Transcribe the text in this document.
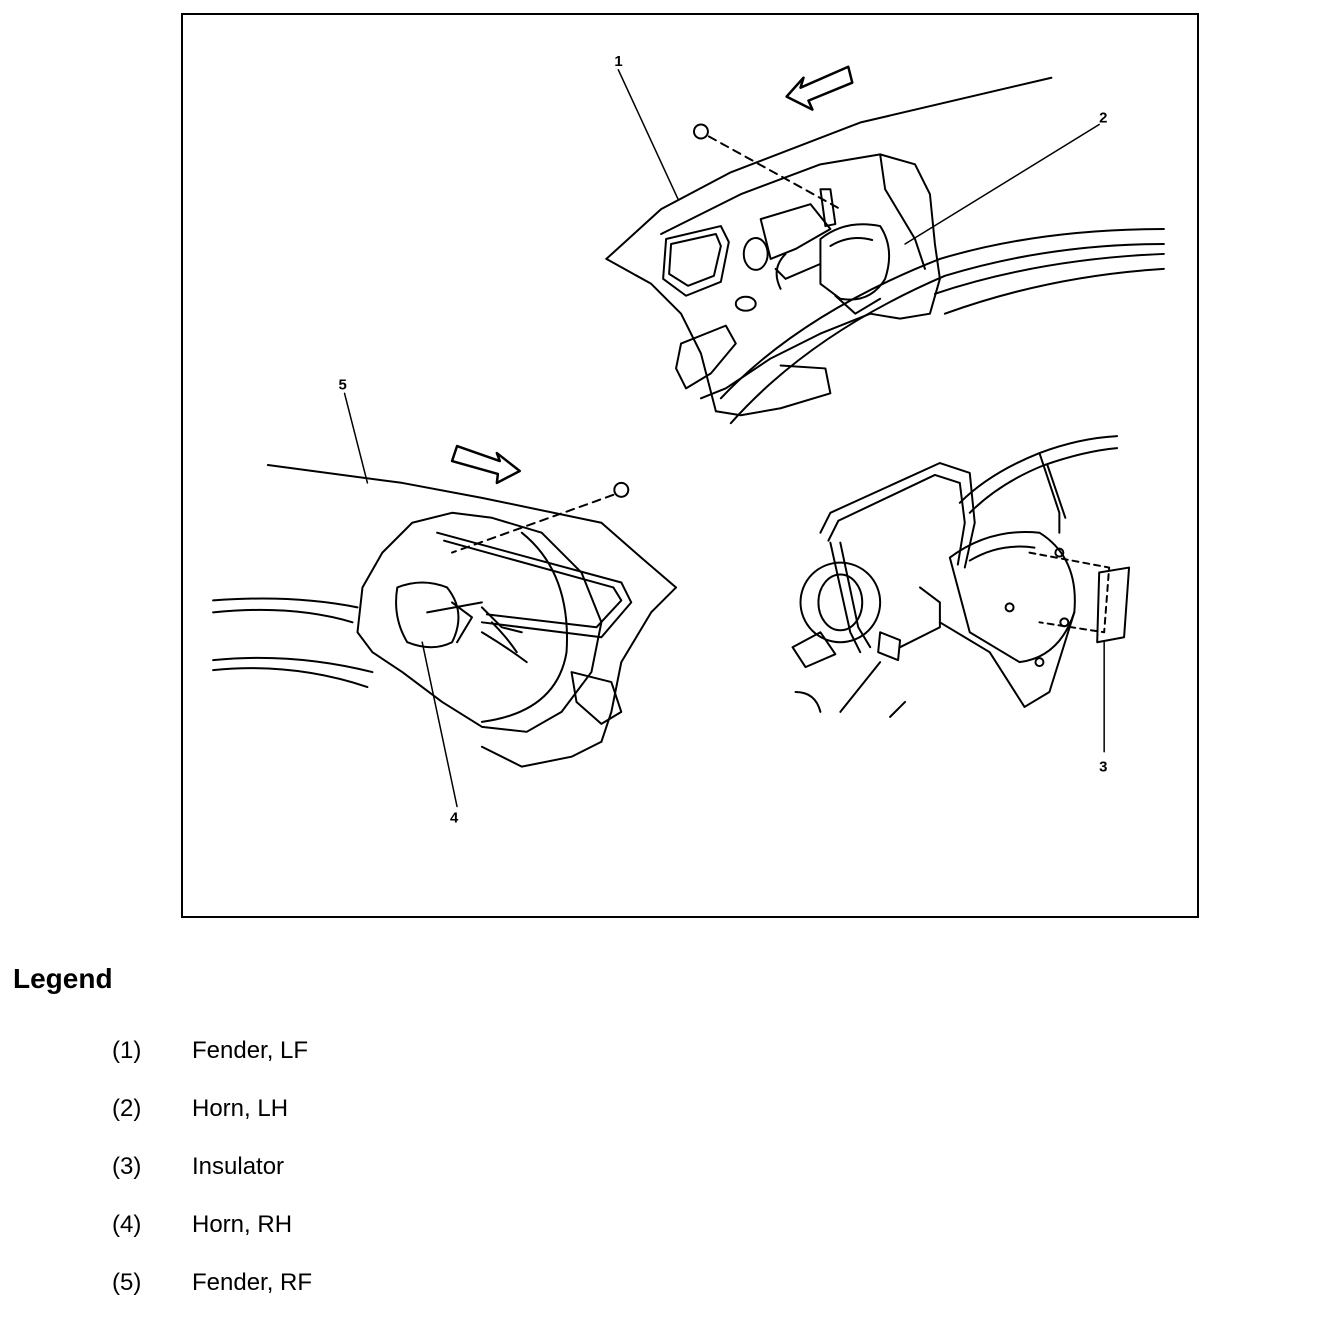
1
2
3
4
5
Legend
(1) Fender, LF
(2) Horn, LH
(3) Insulator
(4) Horn, RH
(5) Fender, RF
